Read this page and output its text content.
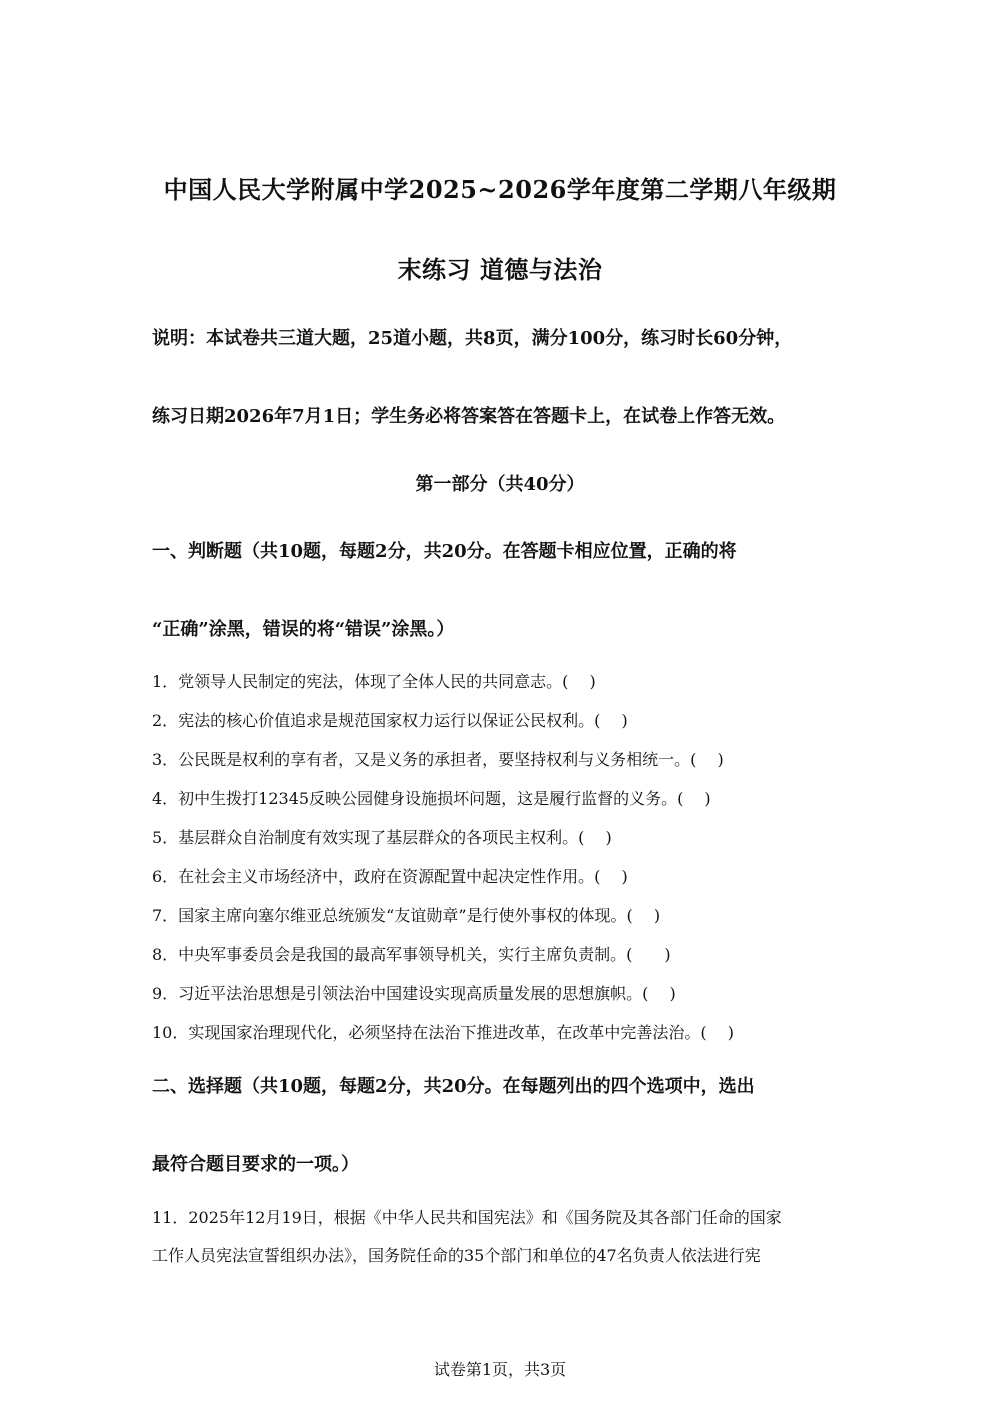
中国人民大学附属中学2025~2026学年度第二学期八年级期
末练习 道德与法治
说明：本试卷共三道大题，25道小题，共8页，满分100分，练习时长60分钟，
练习日期2026年7月1日；学生务必将答案答在答题卡上，在试卷上作答无效。
第一部分（共40分）
一、判断题（共10题，每题2分，共20分。在答题卡相应位置，正确的将
“正确”涂黑，错误的将“错误”涂黑。）
1．党领导人民制定的宪法，体现了全体人民的共同意志。(　 )
2．宪法的核心价值追求是规范国家权力运行以保证公民权利。(　 )
3．公民既是权利的享有者，又是义务的承担者，要坚持权利与义务相统一。(　 )
4．初中生拨打12345反映公园健身设施损坏问题，这是履行监督的义务。(　 )
5．基层群众自治制度有效实现了基层群众的各项民主权利。(　 )
6．在社会主义市场经济中，政府在资源配置中起决定性作用。(　 )
7．国家主席向塞尔维亚总统颁发“友谊勋章”是行使外事权的体现。(　 )
8．中央军事委员会是我国的最高军事领导机关，实行主席负责制。(　　)
9．习近平法治思想是引领法治中国建设实现高质量发展的思想旗帜。(　 )
10．实现国家治理现代化，必须坚持在法治下推进改革，在改革中完善法治。(　 )
二、选择题（共10题，每题2分，共20分。在每题列出的四个选项中，选出
最符合题目要求的一项。）
11．2025年12月19日，根据《中华人民共和国宪法》和《国务院及其各部门任命的国家
工作人员宪法宣誓组织办法》，国务院任命的35个部门和单位的47名负责人依法进行宪
试卷第1页，共3页
